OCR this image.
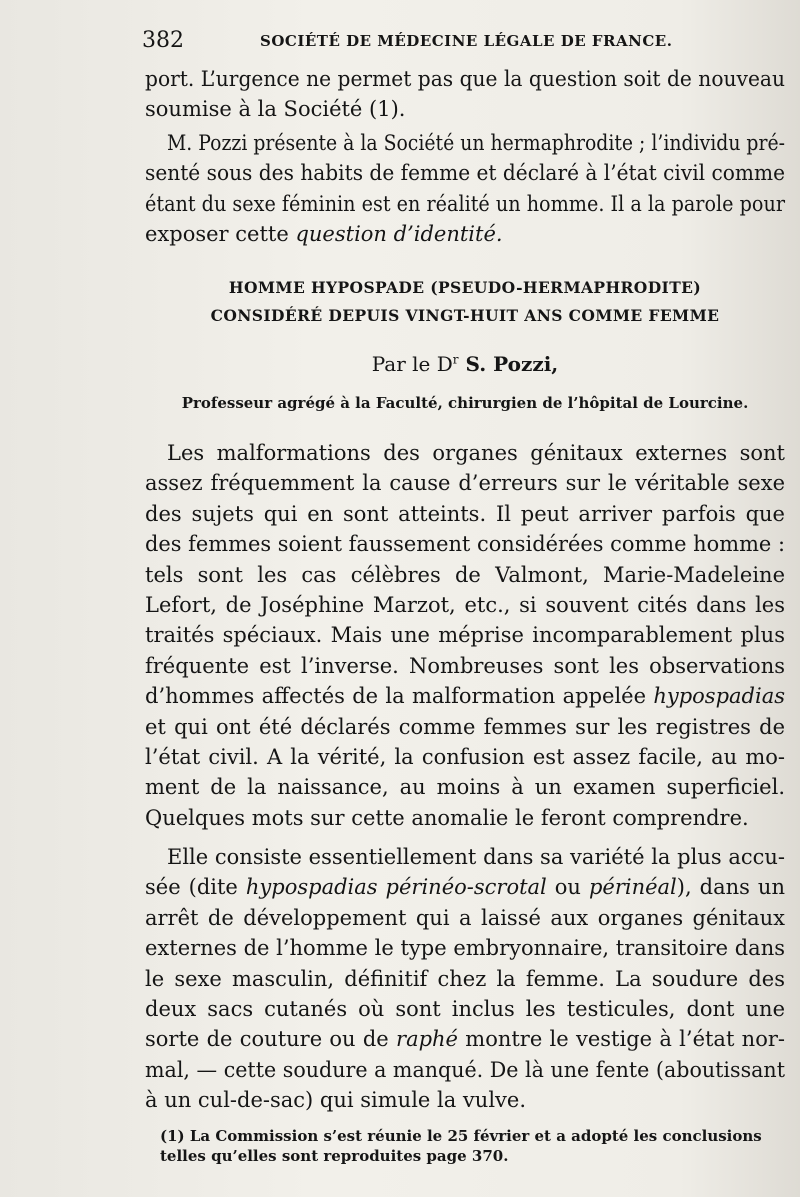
382	SOCIÉTÉ DE MÉDECINE LÉGALE DE FRANCE.
port. L’urgence ne permet pas que la question soit de nouveau
soumise à la Société (1).
M. Pozzi présente à la Société un hermaphrodite ; l’individu pré-
senté sous des habits de femme et déclaré à l’état civil comme
étant du sexe féminin est en réalité un homme. Il a la parole pour
exposer cette question d’identité.
HOMME HYPOSPADE (PSEUDO-HERMAPHRODITE)
CONSIDÉRÉ DEPUIS VINGT-HUIT ANS COMME FEMME
Par le $D^r$ S. Pozzi,
Professeur agrégé à la Faculté, chirurgien de l’hôpital de Lourcine.
Les malformations des organes génitaux externes sont
assez fréquemment la cause d’erreurs sur le véritable sexe
des sujets qui en sont atteints. Il peut arriver parfois que
des femmes soient faussement considérées comme homme :
tels sont les cas célèbres de Valmont, Marie-Madeleine
Lefort, de Joséphine Marzot, etc., si souvent cités dans les
traités spéciaux. Mais une méprise incomparablement plus
fréquente est l’inverse. Nombreuses sont les observations
d’hommes affectés de la malformation appelée hypospadias
et qui ont été déclarés comme femmes sur les registres de
l’état civil. A la vérité, la confusion est assez facile, au mo-
ment de la naissance, au moins à un examen superficiel.
Quelques mots sur cette anomalie le feront comprendre.
Elle consiste essentiellement dans sa variété la plus accu-
sée (dite hypospadias périnéo-scrotal ou périnéal), dans un
arrêt de développement qui a laissé aux organes génitaux
externes de l’homme le type embryonnaire, transitoire dans
le sexe masculin, définitif chez la femme. La soudure des
deux sacs cutanés où sont inclus les testicules, dont une
sorte de couture ou de raphé montre le vestige à l’état nor-
mal, — cette soudure a manqué. De là une fente (aboutissant
à un cul-de-sac) qui simule la vulve.
(1) La Commission s’est réunie le 25 février et a adopté les conclusions
telles qu’elles sont reproduites page 370.
